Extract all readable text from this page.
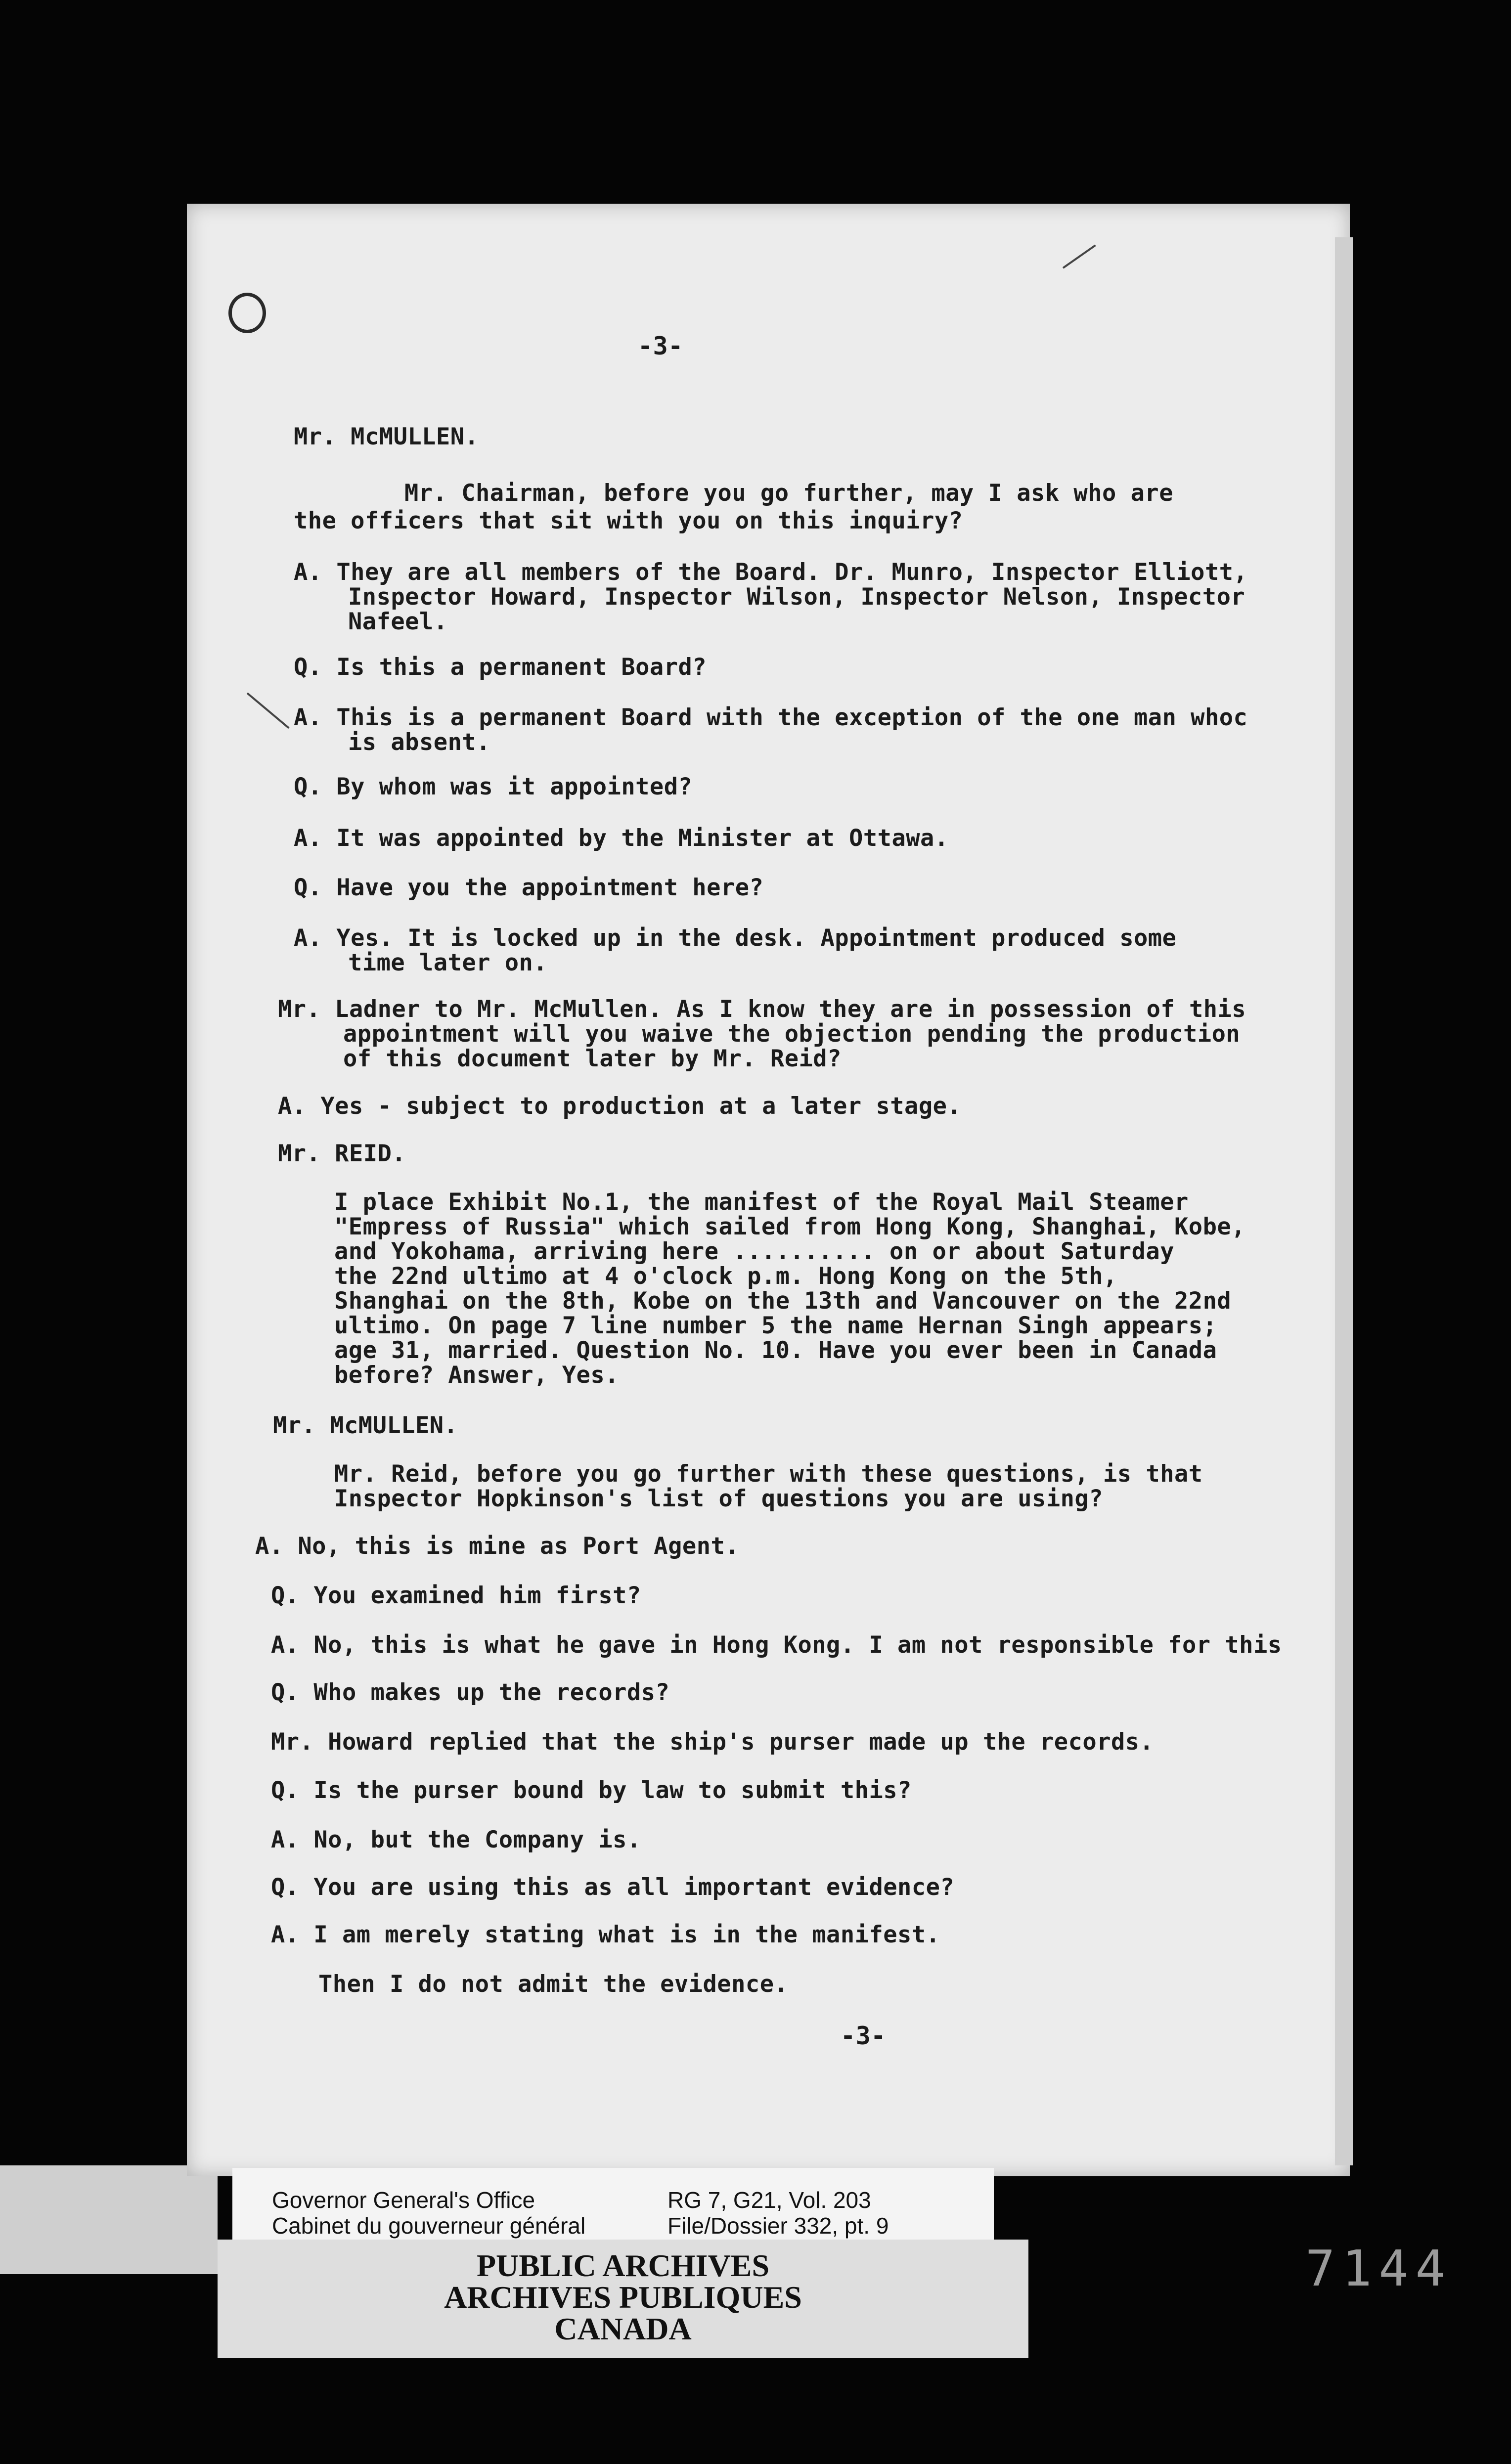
-3-
Mr. McMULLEN.
Mr. Chairman, before you go further, may I ask who are
the officers that sit with you on this inquiry?
A. They are all members of the Board. Dr. Munro, Inspector Elliott,
Inspector Howard, Inspector Wilson, Inspector Nelson, Inspector
Nafeel.
Q. Is this a permanent Board?
A. This is a permanent Board with the exception of the one man whoc
is absent.
Q. By whom was it appointed?
A. It was appointed by the Minister at Ottawa.
Q. Have you the appointment here?
A. Yes. It is locked up in the desk. Appointment produced some
time later on.
Mr. Ladner to Mr. McMullen. As I know they are in possession of this
appointment will you waive the objection pending the production
of this document later by Mr. Reid?
A. Yes - subject to production at a later stage.
Mr. REID.
I place Exhibit No.1, the manifest of the Royal Mail Steamer
"Empress of Russia" which sailed from Hong Kong, Shanghai, Kobe,
and Yokohama, arriving here .......... on or about Saturday
the 22nd ultimo at 4 o'clock p.m. Hong Kong on the 5th,
Shanghai on the 8th, Kobe on the 13th and Vancouver on the 22nd
ultimo. On page 7 line number 5 the name Hernan Singh appears;
age 31, married. Question No. 10. Have you ever been in Canada
before? Answer, Yes.
Mr. McMULLEN.
Mr. Reid, before you go further with these questions, is that
Inspector Hopkinson's list of questions you are using?
A. No, this is mine as Port Agent.
Q. You examined him first?
A. No, this is what he gave in Hong Kong. I am not responsible for this
Q. Who makes up the records?
Mr. Howard replied that the ship's purser made up the records.
Q. Is the purser bound by law to submit this?
A. No, but the Company is.
Q. You are using this as all important evidence?
A. I am merely stating what is in the manifest.
Then I do not admit the evidence.
-3-
Governor General's Office
Cabinet du gouverneur général
RG 7, G21, Vol. 203
File/Dossier 332, pt. 9
PUBLIC ARCHIVES
ARCHIVES PUBLIQUES
CANADA
7144
